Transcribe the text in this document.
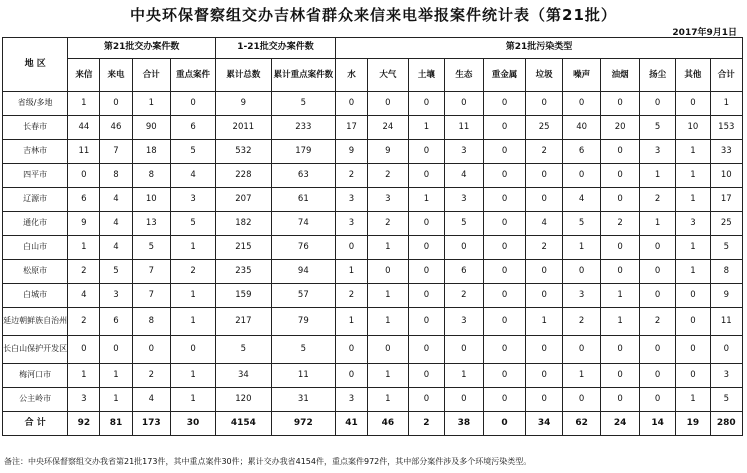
中央环保督察组交办吉林省群众来信来电举报案件统计表（第21批）
2017年9月1日
地 区	第21批交办案件数				1-21批交办案件数		第21批污染类型										
	来信	来电	合计	重点案件	累计总数	累计重点案件数	水	大气	土壤	生态	重金属	垃圾	噪声	油烟	扬尘	其他	合计
省级/多地	1	0	1	0	9	5	0	0	0	0	0	0	0	0	0	0	1
长春市	44	46	90	6	2011	233	17	24	1	11	0	25	40	20	5	10	153
吉林市	11	7	18	5	532	179	9	9	0	3	0	2	6	0	3	1	33
四平市	0	8	8	4	228	63	2	2	0	4	0	0	0	0	1	1	10
辽源市	6	4	10	3	207	61	3	3	1	3	0	0	4	0	2	1	17
通化市	9	4	13	5	182	74	3	2	0	5	0	4	5	2	1	3	25
白山市	1	4	5	1	215	76	0	1	0	0	0	2	1	0	0	1	5
松原市	2	5	7	2	235	94	1	0	0	6	0	0	0	0	0	1	8
白城市	4	3	7	1	159	57	2	1	0	2	0	0	3	1	0	0	9
延边朝鲜族自治州	2	6	8	1	217	79	1	1	0	3	0	1	2	1	2	0	11
长白山保护开发区	0	0	0	0	5	5	0	0	0	0	0	0	0	0	0	0	0
梅河口市	1	1	2	1	34	11	0	1	0	1	0	0	1	0	0	0	3
公主岭市	3	1	4	1	120	31	3	1	0	0	0	0	0	0	0	1	5
合 计	92	81	173	30	4154	972	41	46	2	38	0	34	62	24	14	19	280
备注：中央环保督察组交办我省第21批173件，其中重点案件30件；累计交办我省4154件，重点案件972件，其中部分案件涉及多个环境污染类型。
